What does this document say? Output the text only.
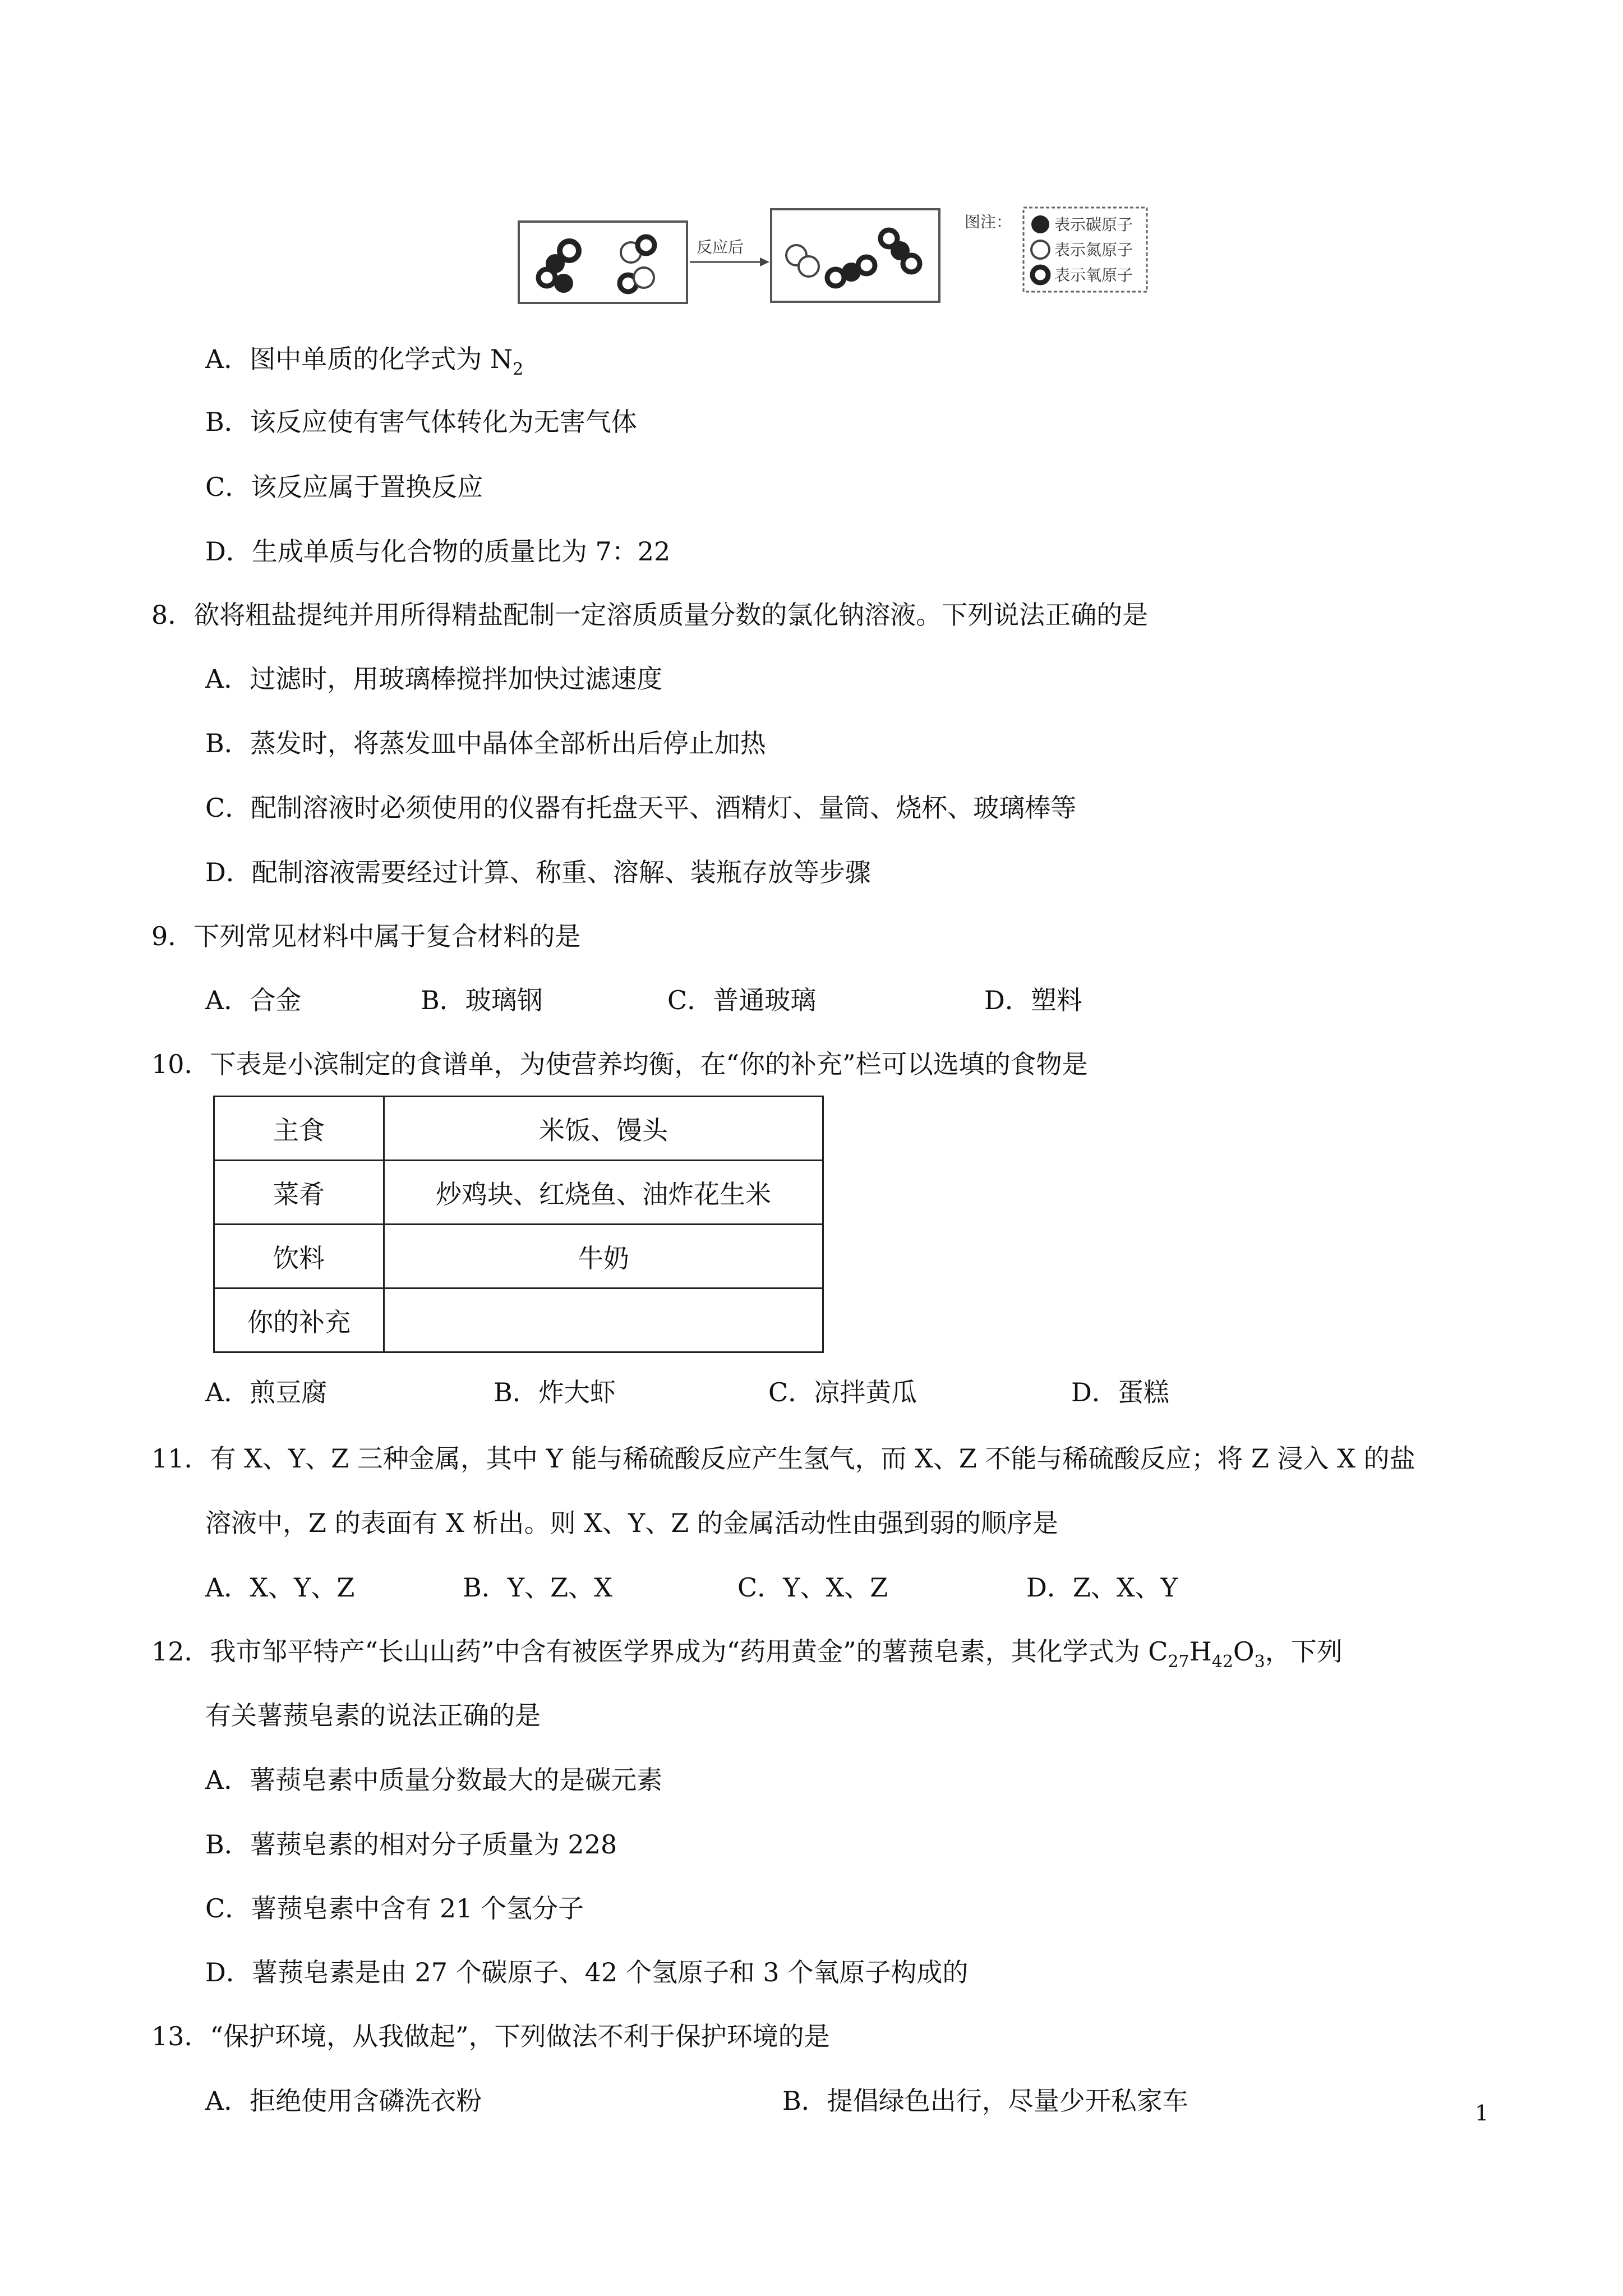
反应后
图注：	表示碳原子
表示氮原子
表示氧原子
A．图中单质的化学式为 $N_2$
B．该反应使有害气体转化为无害气体
C．该反应属于置换反应
D．生成单质与化合物的质量比为 7：22
8．欲将粗盐提纯并用所得精盐配制一定溶质质量分数的氯化钠溶液。下列说法正确的是
A．过滤时，用玻璃棒搅拌加快过滤速度
B．蒸发时，将蒸发皿中晶体全部析出后停止加热
C．配制溶液时必须使用的仪器有托盘天平、酒精灯、量筒、烧杯、玻璃棒等
D．配制溶液需要经过计算、称重、溶解、装瓶存放等步骤
9．下列常见材料中属于复合材料的是
A．合金	B．玻璃钢	C．普通玻璃	D．塑料
10．下表是小滨制定的食谱单，为使营养均衡，在“你的补充”栏可以选填的食物是
主食	米饭、馒头
菜肴	炒鸡块、红烧鱼、油炸花生米
饮料	牛奶
你的补充	
A．煎豆腐	B．炸大虾	C．凉拌黄瓜	D．蛋糕
11．有 X、Y、Z 三种金属，其中 Y 能与稀硫酸反应产生氢气，而 X、Z 不能与稀硫酸反应；将 Z 浸入 X 的盐
溶液中，Z 的表面有 X 析出。则 X、Y、Z 的金属活动性由强到弱的顺序是
A．X、Y、Z	B．Y、Z、X	C．Y、X、Z	D．Z、X、Y
12．我市邹平特产“长山山药”中含有被医学界成为“药用黄金”的薯蓣皂素，其化学式为 $C_{27}H_{42}O_3$，下列
有关薯蓣皂素的说法正确的是
A．薯蓣皂素中质量分数最大的是碳元素
B．薯蓣皂素的相对分子质量为 228
C．薯蓣皂素中含有 21 个氢分子
D．薯蓣皂素是由 27 个碳原子、42 个氢原子和 3 个氧原子构成的
13．“保护环境，从我做起”，下列做法不利于保护环境的是
A．拒绝使用含磷洗衣粉	B．提倡绿色出行，尽量少开私家车	1
